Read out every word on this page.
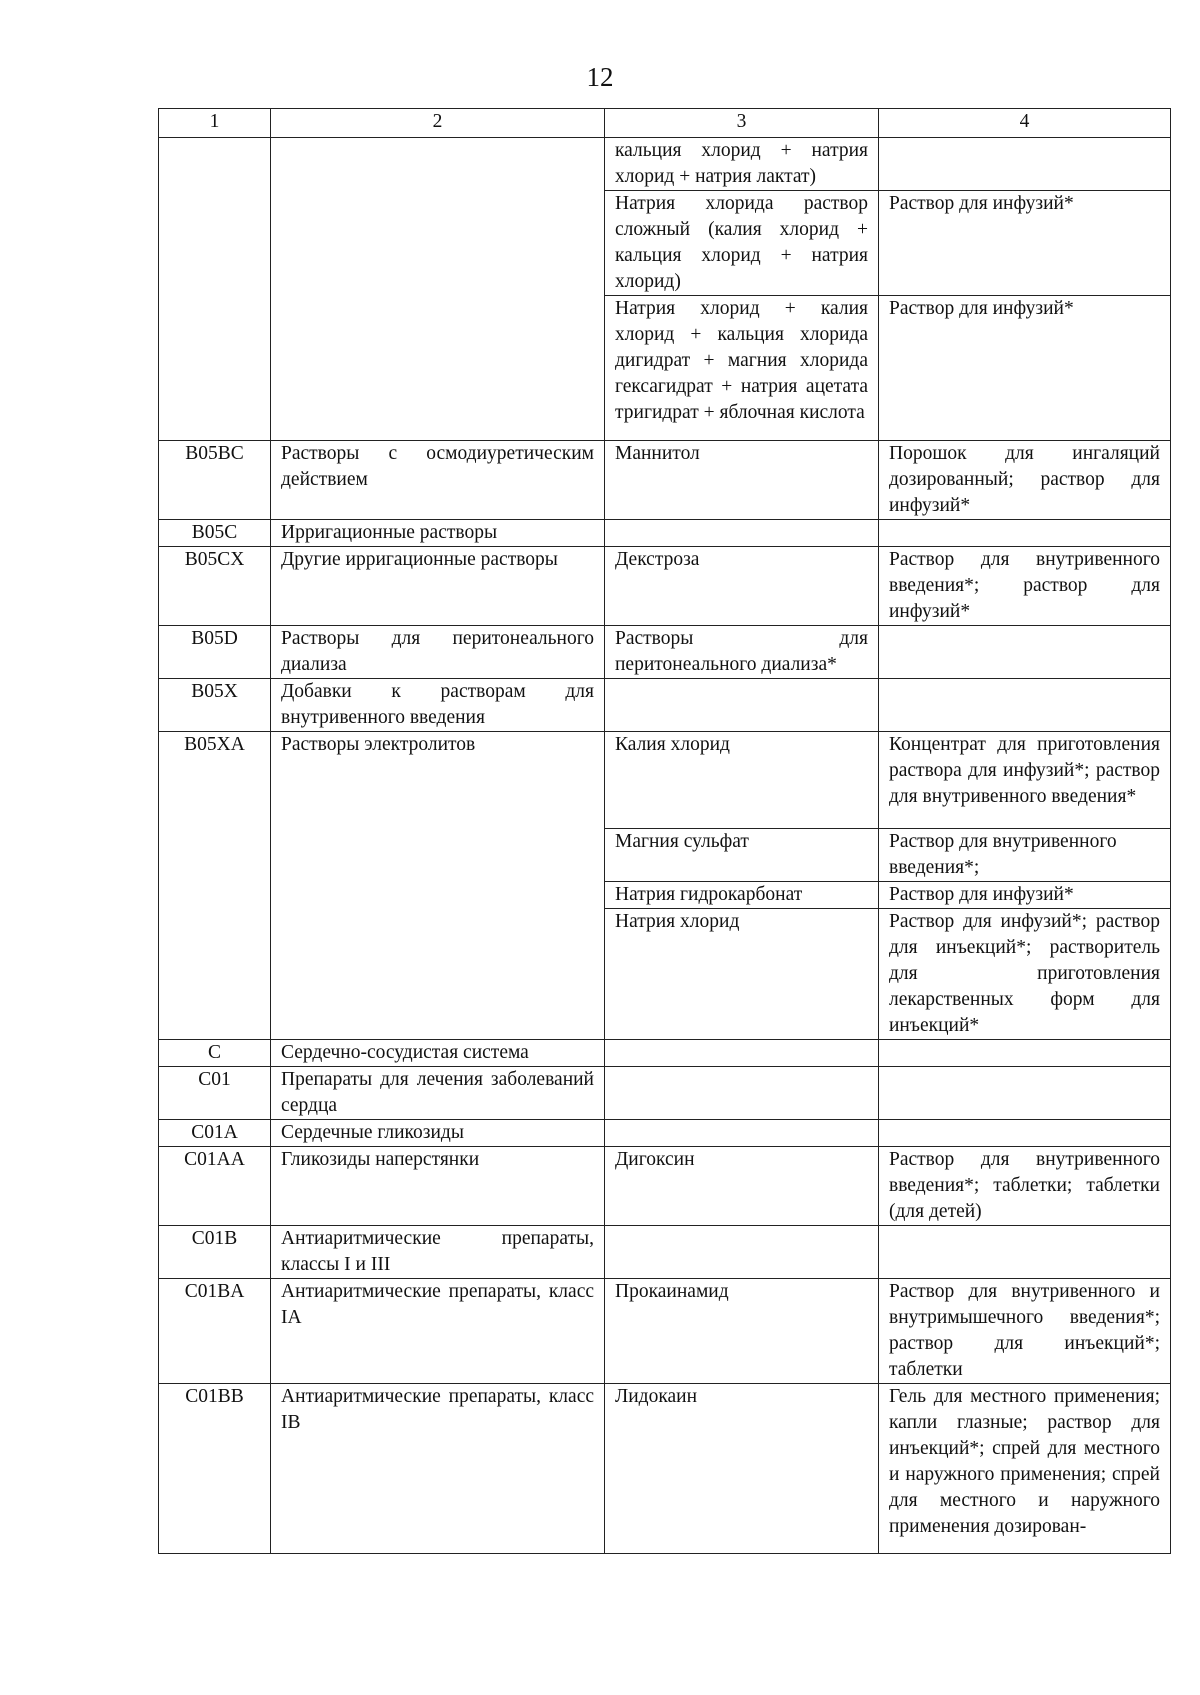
12
1	2	3	4
		кальция хлорид + натрия хлорид + натрия лактат)	
		Натрия хлорида раствор сложный (калия хлорид + кальция хлорид + натрия хлорид)	Раствор для инфузий*
		Натрия хлорид + калия хлорид + кальция хлорида дигидрат + магния хлорида гексагидрат + натрия ацетата тригидрат + яблочная кислота	Раствор для инфузий*
B05BC	Растворы с осмодиуретическим действием	Маннитол	Порошок для ингаляций дозированный; раствор для инфузий*
B05C	Ирригационные растворы		
B05CX	Другие ирригационные растворы	Декстроза	Раствор для внутривенного введения*; раствор для инфузий*
B05D	Растворы для перитонеального диализа	Растворы для перитонеального диализа*	
B05X	Добавки к растворам для внутривенного введения		
B05XA	Растворы электролитов	Калия хлорид	Концентрат для приготовления раствора для инфузий*; раствор для внутривенного введения*
		Магния сульфат	Раствор для внутривенного введения*;
		Натрия гидрокарбонат	Раствор для инфузий*
		Натрия хлорид	Раствор для инфузий*; раствор для инъекций*; растворитель для приготовления лекарственных форм для инъекций*
C	Сердечно-сосудистая система		
C01	Препараты для лечения заболеваний сердца		
C01A	Сердечные гликозиды		
C01AA	Гликозиды наперстянки	Дигоксин	Раствор для внутривенного введения*; таблетки; таблетки (для детей)
C01B	Антиаритмические препараты, классы I и III		
C01BA	Антиаритмические препараты, класс IA	Прокаинамид	Раствор для внутривенного и внутримышечного введения*; раствор для инъекций*; таблетки
C01BB	Антиаритмические препараты, класс IB	Лидокаин	Гель для местного применения; капли глазные; раствор для инъекций*; спрей для местного и наружного применения; спрей для местного и наружного применения дозирован-
